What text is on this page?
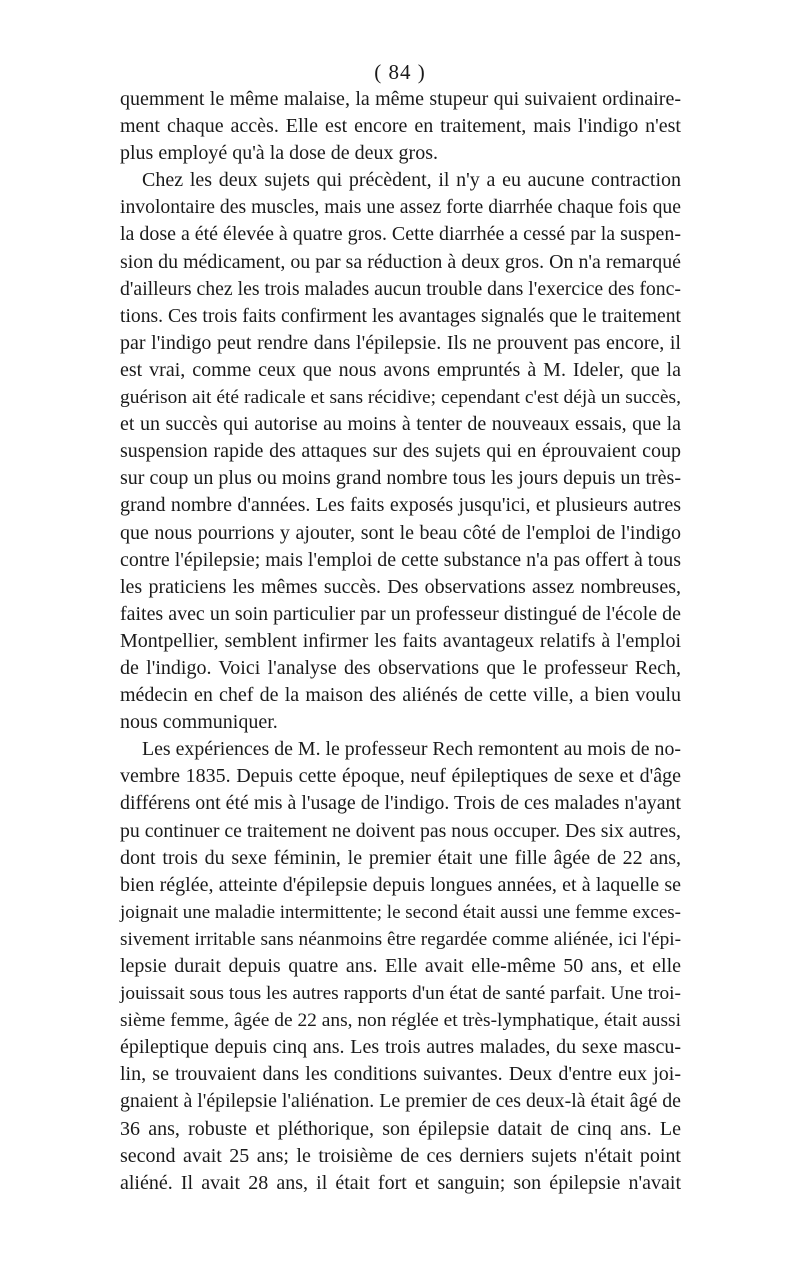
( 84 )
quemment le même malaise, la même stupeur qui suivaient ordinaire-
ment chaque accès. Elle est encore en traitement, mais l'indigo n'est
plus employé qu'à la dose de deux gros.
Chez les deux sujets qui précèdent, il n'y a eu aucune contraction
involontaire des muscles, mais une assez forte diarrhée chaque fois que
la dose a été élevée à quatre gros. Cette diarrhée a cessé par la suspen-
sion du médicament, ou par sa réduction à deux gros. On n'a remarqué
d'ailleurs chez les trois malades aucun trouble dans l'exercice des fonc-
tions. Ces trois faits confirment les avantages signalés que le traitement
par l'indigo peut rendre dans l'épilepsie. Ils ne prouvent pas encore, il
est vrai, comme ceux que nous avons empruntés à M. Ideler, que la
guérison ait été radicale et sans récidive; cependant c'est déjà un succès,
et un succès qui autorise au moins à tenter de nouveaux essais, que la
suspension rapide des attaques sur des sujets qui en éprouvaient coup
sur coup un plus ou moins grand nombre tous les jours depuis un très-
grand nombre d'années. Les faits exposés jusqu'ici, et plusieurs autres
que nous pourrions y ajouter, sont le beau côté de l'emploi de l'indigo
contre l'épilepsie; mais l'emploi de cette substance n'a pas offert à tous
les praticiens les mêmes succès. Des observations assez nombreuses,
faites avec un soin particulier par un professeur distingué de l'école de
Montpellier, semblent infirmer les faits avantageux relatifs à l'emploi
de l'indigo. Voici l'analyse des observations que le professeur Rech,
médecin en chef de la maison des aliénés de cette ville, a bien voulu
nous communiquer.
Les expériences de M. le professeur Rech remontent au mois de no-
vembre 1835. Depuis cette époque, neuf épileptiques de sexe et d'âge
différens ont été mis à l'usage de l'indigo. Trois de ces malades n'ayant
pu continuer ce traitement ne doivent pas nous occuper. Des six autres,
dont trois du sexe féminin, le premier était une fille âgée de 22 ans,
bien réglée, atteinte d'épilepsie depuis longues années, et à laquelle se
joignait une maladie intermittente; le second était aussi une femme exces-
sivement irritable sans néanmoins être regardée comme aliénée, ici l'épi-
lepsie durait depuis quatre ans. Elle avait elle-même 50 ans, et elle
jouissait sous tous les autres rapports d'un état de santé parfait. Une troi-
sième femme, âgée de 22 ans, non réglée et très-lymphatique, était aussi
épileptique depuis cinq ans. Les trois autres malades, du sexe mascu-
lin, se trouvaient dans les conditions suivantes. Deux d'entre eux joi-
gnaient à l'épilepsie l'aliénation. Le premier de ces deux-là était âgé de
36 ans, robuste et pléthorique, son épilepsie datait de cinq ans. Le
second avait 25 ans; le troisième de ces derniers sujets n'était point
aliéné. Il avait 28 ans, il était fort et sanguin; son épilepsie n'avait
